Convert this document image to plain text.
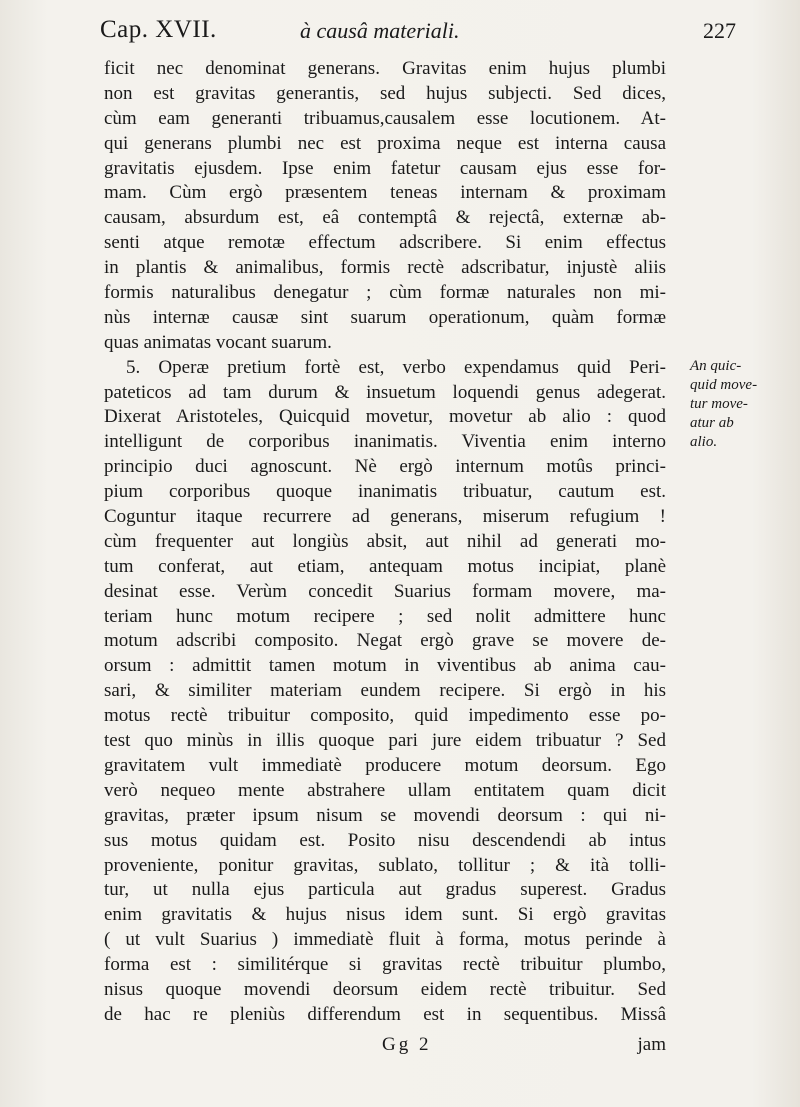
Cap. XVII.	à causâ materiali.	227
ficit nec denominat generans. Gravitas enim hujus plumbi
non est gravitas generantis, sed hujus subjecti. Sed dices,
cùm eam generanti tribuamus,causalem esse locutionem. At-
qui generans plumbi nec est proxima neque est interna causa
gravitatis ejusdem. Ipse enim fatetur causam ejus esse for-
mam. Cùm ergò præsentem teneas internam & proximam
causam, absurdum est, eâ contemptâ & rejectâ, externæ ab-
senti atque remotæ effectum adscribere. Si enim effectus
in plantis & animalibus, formis rectè adscribatur, injustè aliis
formis naturalibus denegatur ; cùm formæ naturales non mi-
nùs internæ causæ sint suarum operationum, quàm formæ
quas animatas vocant suarum.
5. Operæ pretium fortè est, verbo expendamus quid Peri-
pateticos ad tam durum & insuetum loquendi genus adegerat.
Dixerat Aristoteles, Quicquid movetur, movetur ab alio : quod
intelligunt de corporibus inanimatis. Viventia enim interno
principio duci agnoscunt. Nè ergò internum motûs princi-
pium corporibus quoque inanimatis tribuatur, cautum est.
Coguntur itaque recurrere ad generans, miserum refugium !
cùm frequenter aut longiùs absit, aut nihil ad generati mo-
tum conferat, aut etiam, antequam motus incipiat, planè
desinat esse. Verùm concedit Suarius formam movere, ma-
teriam hunc motum recipere ; sed nolit admittere hunc
motum adscribi composito. Negat ergò grave se movere de-
orsum : admittit tamen motum in viventibus ab anima cau-
sari, & similiter materiam eundem recipere. Si ergò in his
motus rectè tribuitur composito, quid impedimento esse po-
test quo minùs in illis quoque pari jure eidem tribuatur ? Sed
gravitatem vult immediatè producere motum deorsum. Ego
verò nequeo mente abstrahere ullam entitatem quam dicit
gravitas, præter ipsum nisum se movendi deorsum : qui ni-
sus motus quidam est. Posito nisu descendendi ab intus
proveniente, ponitur gravitas, sublato, tollitur ; & ità tolli-
tur, ut nulla ejus particula aut gradus superest. Gradus
enim gravitatis & hujus nisus idem sunt. Si ergò gravitas
( ut vult Suarius ) immediatè fluit à forma, motus perinde à
forma est : similitérque si gravitas rectè tribuitur plumbo,
nisus quoque movendi deorsum eidem rectè tribuitur. Sed
de hac re pleniùs differendum est in sequentibus. Missâ
An quic-
quid move-
tur move-
atur ab
alio.
Gg 2	jam
